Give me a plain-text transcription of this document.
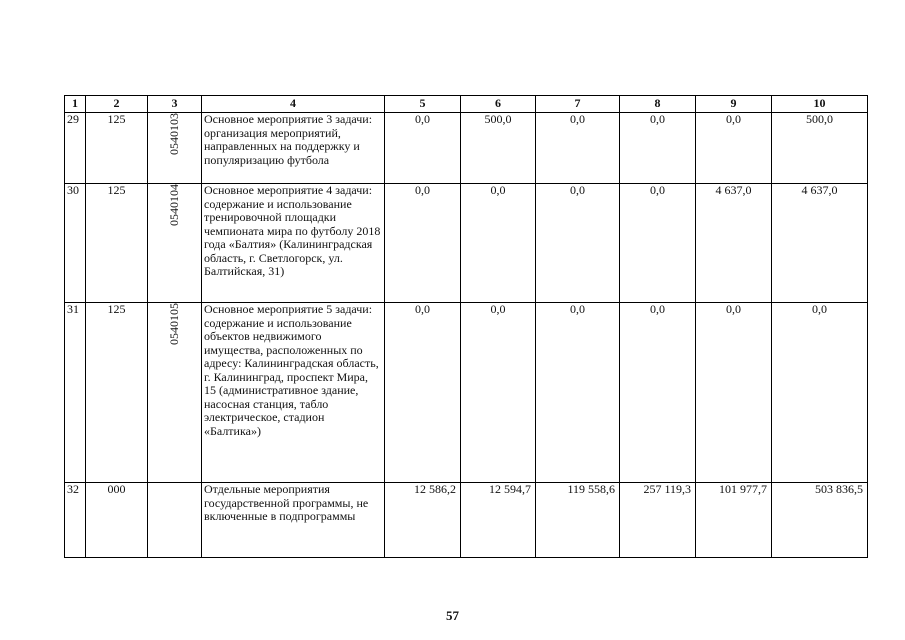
1	2	3	4	5	6	7	8	9	10
29	125	0540103	Основное мероприятие 3 задачи: организация мероприятий, направленных на поддержку и популяризацию футбола	0,0	500,0	0,0	0,0	0,0	500,0
30	125	0540104	Основное мероприятие 4 задачи: содержание и использование тренировочной площадки чемпионата мира по футболу 2018 года «Балтия» (Калининградская область, г. Светлогорск, ул. Балтийская, 31)	0,0	0,0	0,0	0,0	4 637,0	4 637,0
31	125	0540105	Основное мероприятие 5 задачи: содержание и использование объектов недвижимого имущества, расположенных по адресу: Калининградская область, г. Калининград, проспект Мира, 15 (административное здание, насосная станция, табло электрическое, стадион «Балтика»)	0,0	0,0	0,0	0,0	0,0	0,0
32	000		Отдельные мероприятия государственной программы, не включенные в подпрограммы	12 586,2	12 594,7	119 558,6	257 119,3	101 977,7	503 836,5
57
